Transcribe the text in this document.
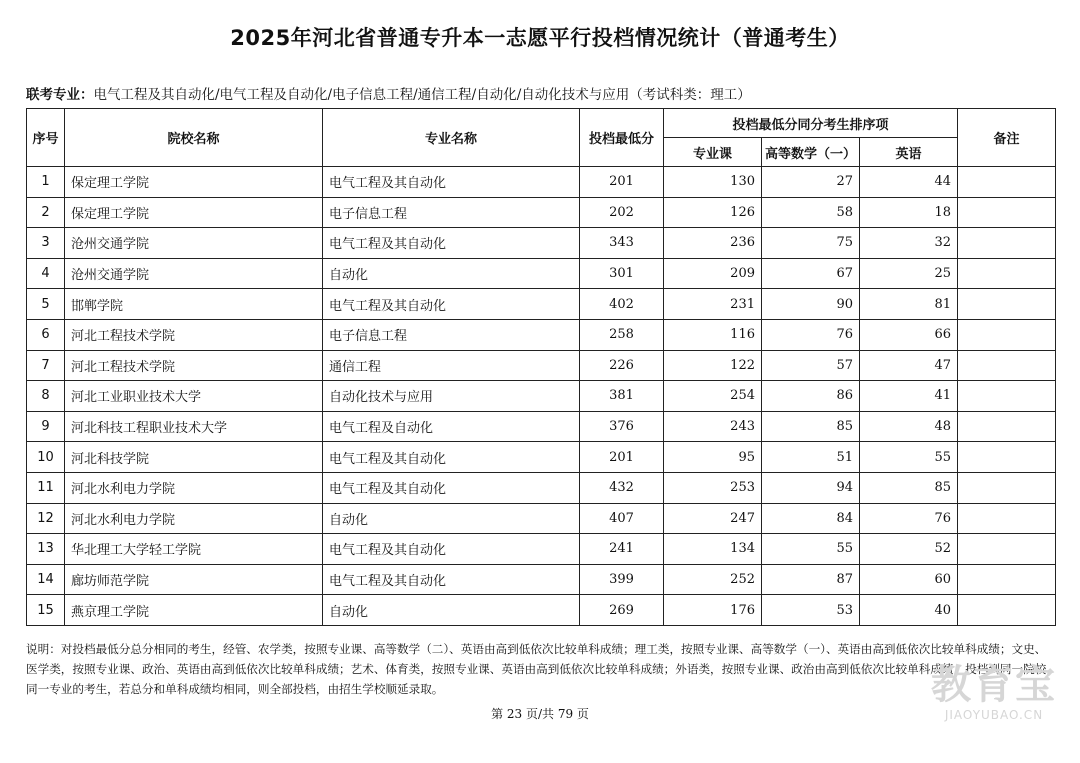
2025年河北省普通专升本一志愿平行投档情况统计（普通考生）
联考专业：电气工程及其自动化/电气工程及自动化/电子信息工程/通信工程/自动化/自动化技术与应用（考试科类：理工）
序号	院校名称	专业名称	投档最低分	投档最低分同分考生排序项			备注
				专业课	高等数学（一）	英语	
1	保定理工学院	电气工程及其自动化	201	130	27	44	
2	保定理工学院	电子信息工程	202	126	58	18	
3	沧州交通学院	电气工程及其自动化	343	236	75	32	
4	沧州交通学院	自动化	301	209	67	25	
5	邯郸学院	电气工程及其自动化	402	231	90	81	
6	河北工程技术学院	电子信息工程	258	116	76	66	
7	河北工程技术学院	通信工程	226	122	57	47	
8	河北工业职业技术大学	自动化技术与应用	381	254	86	41	
9	河北科技工程职业技术大学	电气工程及自动化	376	243	85	48	
10	河北科技学院	电气工程及其自动化	201	95	51	55	
11	河北水利电力学院	电气工程及其自动化	432	253	94	85	
12	河北水利电力学院	自动化	407	247	84	76	
13	华北理工大学轻工学院	电气工程及其自动化	241	134	55	52	
14	廊坊师范学院	电气工程及其自动化	399	252	87	60	
15	燕京理工学院	自动化	269	176	53	40	
说明：对投档最低分总分相同的考生，经管、农学类，按照专业课、高等数学（二）、英语由高到低依次比较单科成绩；理工类，按照专业课、高等数学（一）、英语由高到低依次比较单科成绩；文史、医学类，按照专业课、政治、英语由高到低依次比较单科成绩；艺术、体育类，按照专业课、英语由高到低依次比较单科成绩；外语类，按照专业课、政治由高到低依次比较单科成绩；投档到同一院校同一专业的考生，若总分和单科成绩均相同，则全部投档，由招生学校顺延录取。
第 23 页/共 79 页
教育宝
JIAOYUBAO.CN
